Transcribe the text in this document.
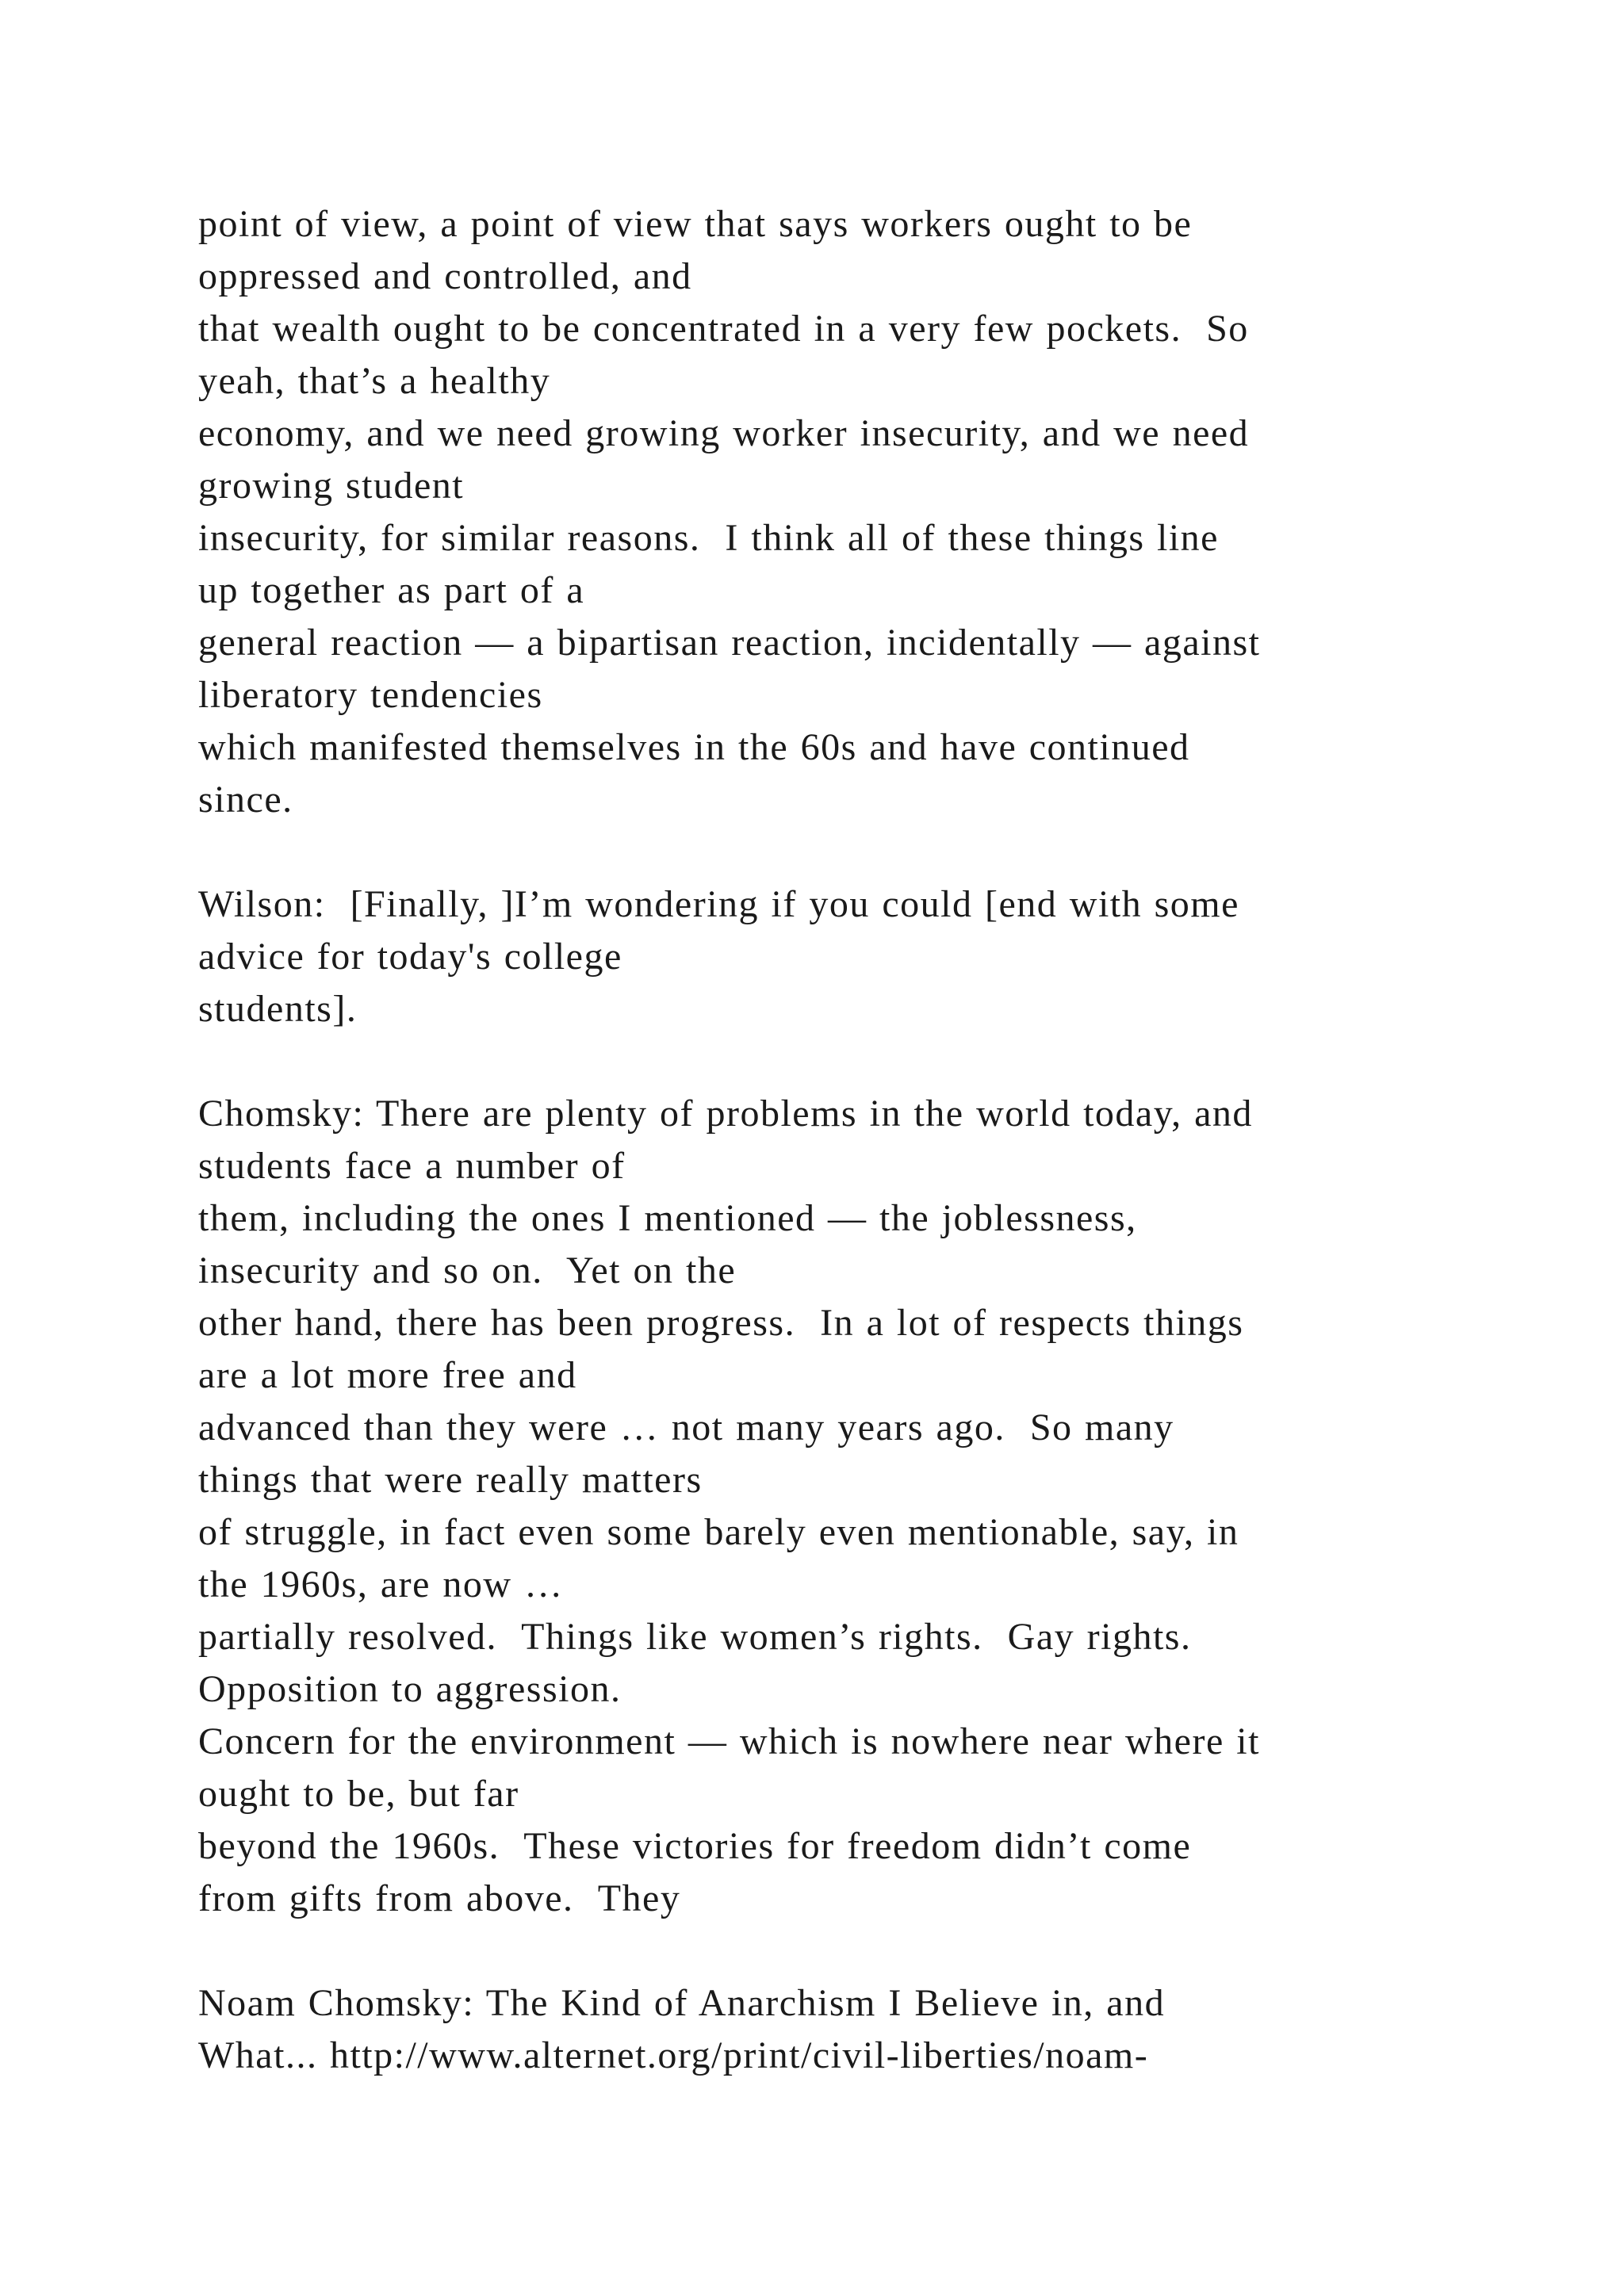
point of view, a point of view that says workers ought to be
oppressed and controlled, and
that wealth ought to be concentrated in a very few pockets.  So
yeah, that’s a healthy
economy, and we need growing worker insecurity, and we need
growing student
insecurity, for similar reasons.  I think all of these things line
up together as part of a
general reaction — a bipartisan reaction, incidentally — against
liberatory tendencies
which manifested themselves in the 60s and have continued
since.
Wilson:  [Finally, ]I’m wondering if you could [end with some
advice for today's college
students].
Chomsky: There are plenty of problems in the world today, and
students face a number of
them, including the ones I mentioned — the joblessness,
insecurity and so on.  Yet on the
other hand, there has been progress.  In a lot of respects things
are a lot more free and
advanced than they were … not many years ago.  So many
things that were really matters
of struggle, in fact even some barely even mentionable, say, in
the 1960s, are now …
partially resolved.  Things like women’s rights.  Gay rights.
Opposition to aggression.
Concern for the environment — which is nowhere near where it
ought to be, but far
beyond the 1960s.  These victories for freedom didn’t come
from gifts from above.  They
Noam Chomsky: The Kind of Anarchism I Believe in, and
What... http://www.alternet.org/print/civil-liberties/noam-
